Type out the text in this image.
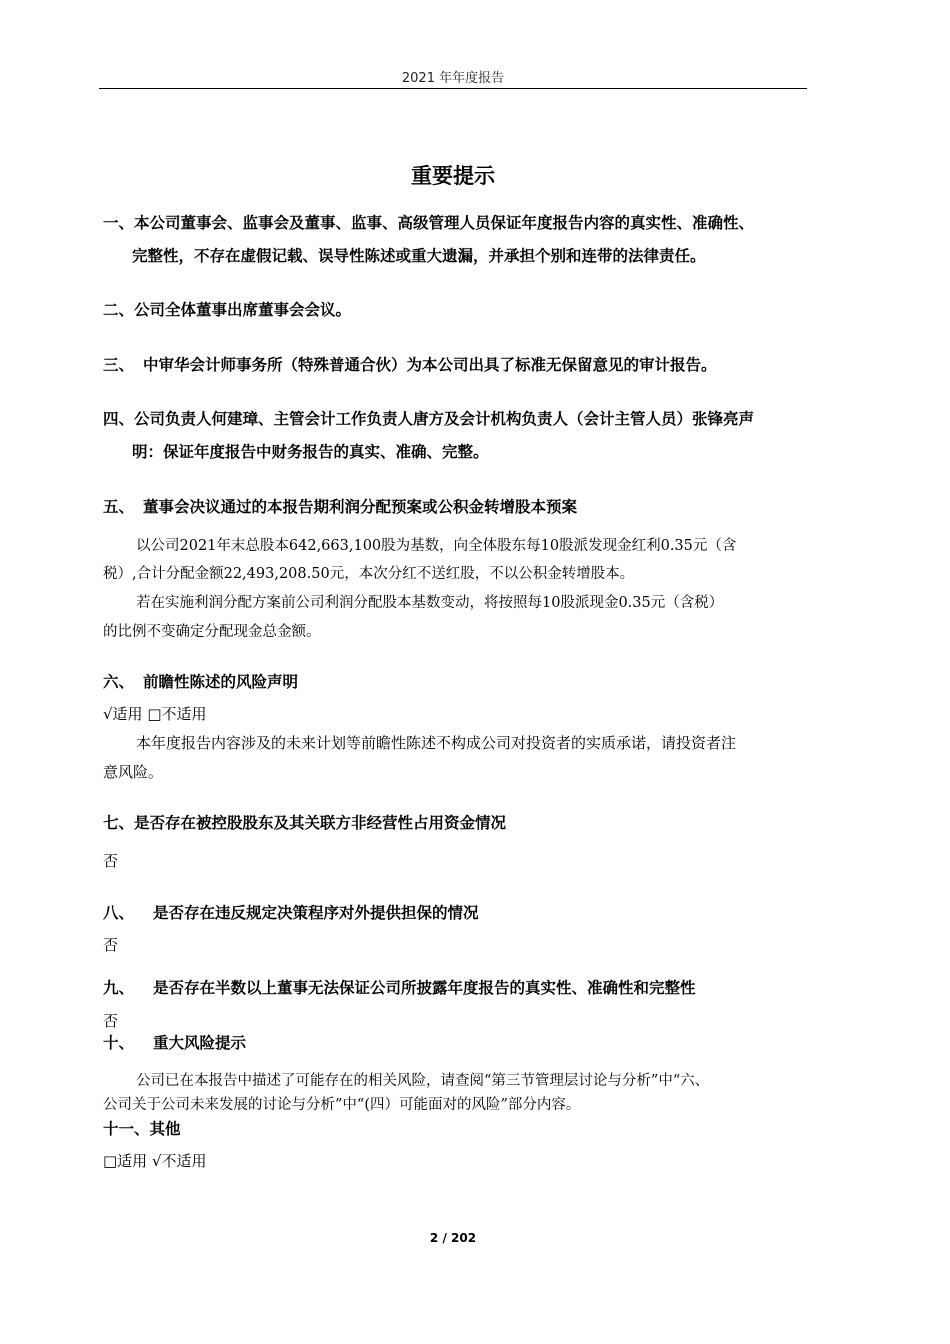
2021 年年度报告
重要提示
一、本公司董事会、监事会及董事、监事、高级管理人员保证年度报告内容的真实性、准确性、
完整性，不存在虚假记载、误导性陈述或重大遗漏，并承担个别和连带的法律责任。
二、公司全体董事出席董事会会议。
三、 中审华会计师事务所（特殊普通合伙）为本公司出具了标准无保留意见的审计报告。
四、公司负责人何建璋、主管会计工作负责人唐方及会计机构负责人（会计主管人员）张锋亮声
明：保证年度报告中财务报告的真实、准确、完整。
五、 董事会决议通过的本报告期利润分配预案或公积金转增股本预案
以公司2021年末总股本642,663,100股为基数，向全体股东每10股派发现金红利0.35元（含
税）,合计分配金额22,493,208.50元，本次分红不送红股，不以公积金转增股本。
若在实施利润分配方案前公司利润分配股本基数变动，将按照每10股派现金0.35元（含税）
的比例不变确定分配现金总金额。
六、 前瞻性陈述的风险声明
√适用 □不适用
本年度报告内容涉及的未来计划等前瞻性陈述不构成公司对投资者的实质承诺，请投资者注
意风险。
七、是否存在被控股股东及其关联方非经营性占用资金情况
否
八、 是否存在违反规定决策程序对外提供担保的情况
否
九、 是否存在半数以上董事无法保证公司所披露年度报告的真实性、准确性和完整性
否
十、 重大风险提示
公司已在本报告中描述了可能存在的相关风险，请查阅“第三节管理层讨论与分析”中“六、
公司关于公司未来发展的讨论与分析”中“(四）可能面对的风险”部分内容。
十一、其他
□适用 √不适用
2 / 202
